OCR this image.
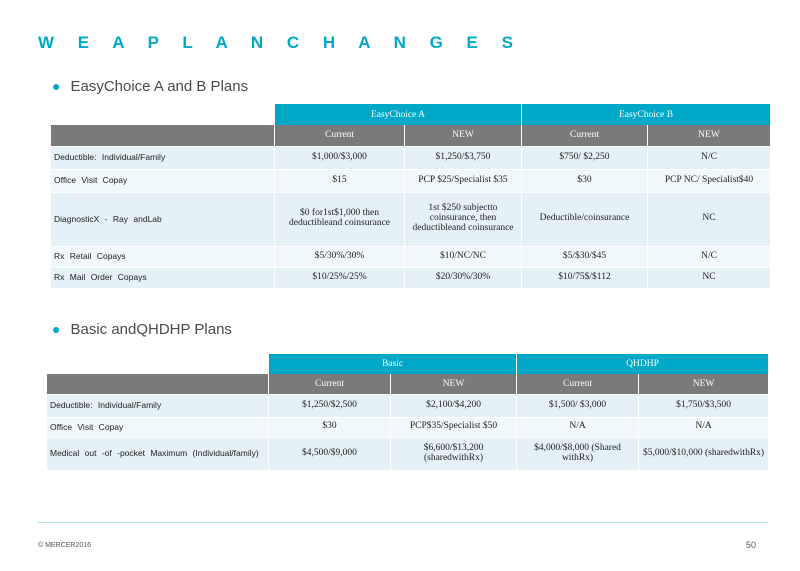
W E A P L A N C H A N G E S
● EasyChoice A and B Plans
	EasyChoice A		EasyChoice B	
	Current	NEW	Current	NEW
Deductible: Individual/Family	$1,000/$3,000	$1,250/$3,750	$750/ $2,250	N/C
Office Visit Copay	$15	PCP $25/Specialist $35	$30	PCP NC/ Specialist$40
DiagnosticX - Ray andLab	$0 for1st$1,000 then deductibleand coinsurance	1st $250 subjectto coinsurance, then deductibleand coinsurance	Deductible/coinsurance	NC
Rx Retail Copays	$5/30%/30%	$10/NC/NC	$5/$30/$45	N/C
Rx Mail Order Copays	$10/25%/25%	$20/30%/30%	$10/75$/$112	NC
● Basic andQHDHP Plans
	Basic		QHDHP	
	Current	NEW	Current	NEW
Deductible: Individual/Family	$1,250/$2,500	$2,100/$4,200	$1,500/ $3,000	$1,750/$3,500
Office Visit Copay	$30	PCP$35/Specialist $50	N/A	N/A
Medical out -of -pocket Maximum (Individual/family)	$4,500/$9,000	$6,600/$13,200 (sharedwithRx)	$4,000/$8,000 (Shared withRx)	$5,000/$10,000 (sharedwithRx)
© MERCER2016	50
